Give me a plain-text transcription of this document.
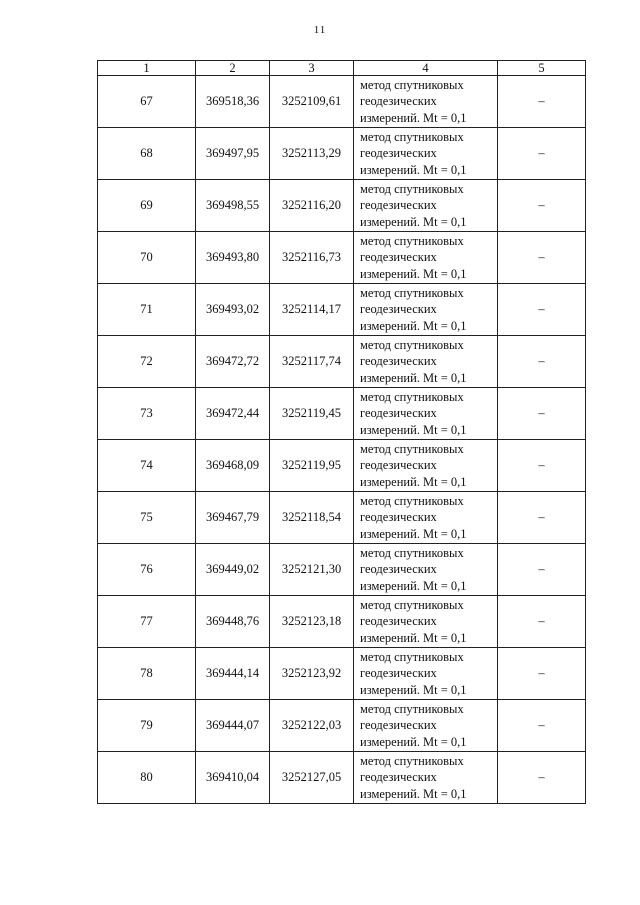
11
1	2	3	4	5
67	369518,36	3252109,61	метод спутниковых
геодезических
измерений. Mt = 0,1	–
68	369497,95	3252113,29	метод спутниковых
геодезических
измерений. Mt = 0,1	–
69	369498,55	3252116,20	метод спутниковых
геодезических
измерений. Mt = 0,1	–
70	369493,80	3252116,73	метод спутниковых
геодезических
измерений. Mt = 0,1	–
71	369493,02	3252114,17	метод спутниковых
геодезических
измерений. Mt = 0,1	–
72	369472,72	3252117,74	метод спутниковых
геодезических
измерений. Mt = 0,1	–
73	369472,44	3252119,45	метод спутниковых
геодезических
измерений. Mt = 0,1	–
74	369468,09	3252119,95	метод спутниковых
геодезических
измерений. Mt = 0,1	–
75	369467,79	3252118,54	метод спутниковых
геодезических
измерений. Mt = 0,1	–
76	369449,02	3252121,30	метод спутниковых
геодезических
измерений. Mt = 0,1	–
77	369448,76	3252123,18	метод спутниковых
геодезических
измерений. Mt = 0,1	–
78	369444,14	3252123,92	метод спутниковых
геодезических
измерений. Mt = 0,1	–
79	369444,07	3252122,03	метод спутниковых
геодезических
измерений. Mt = 0,1	–
80	369410,04	3252127,05	метод спутниковых
геодезических
измерений. Mt = 0,1	–
